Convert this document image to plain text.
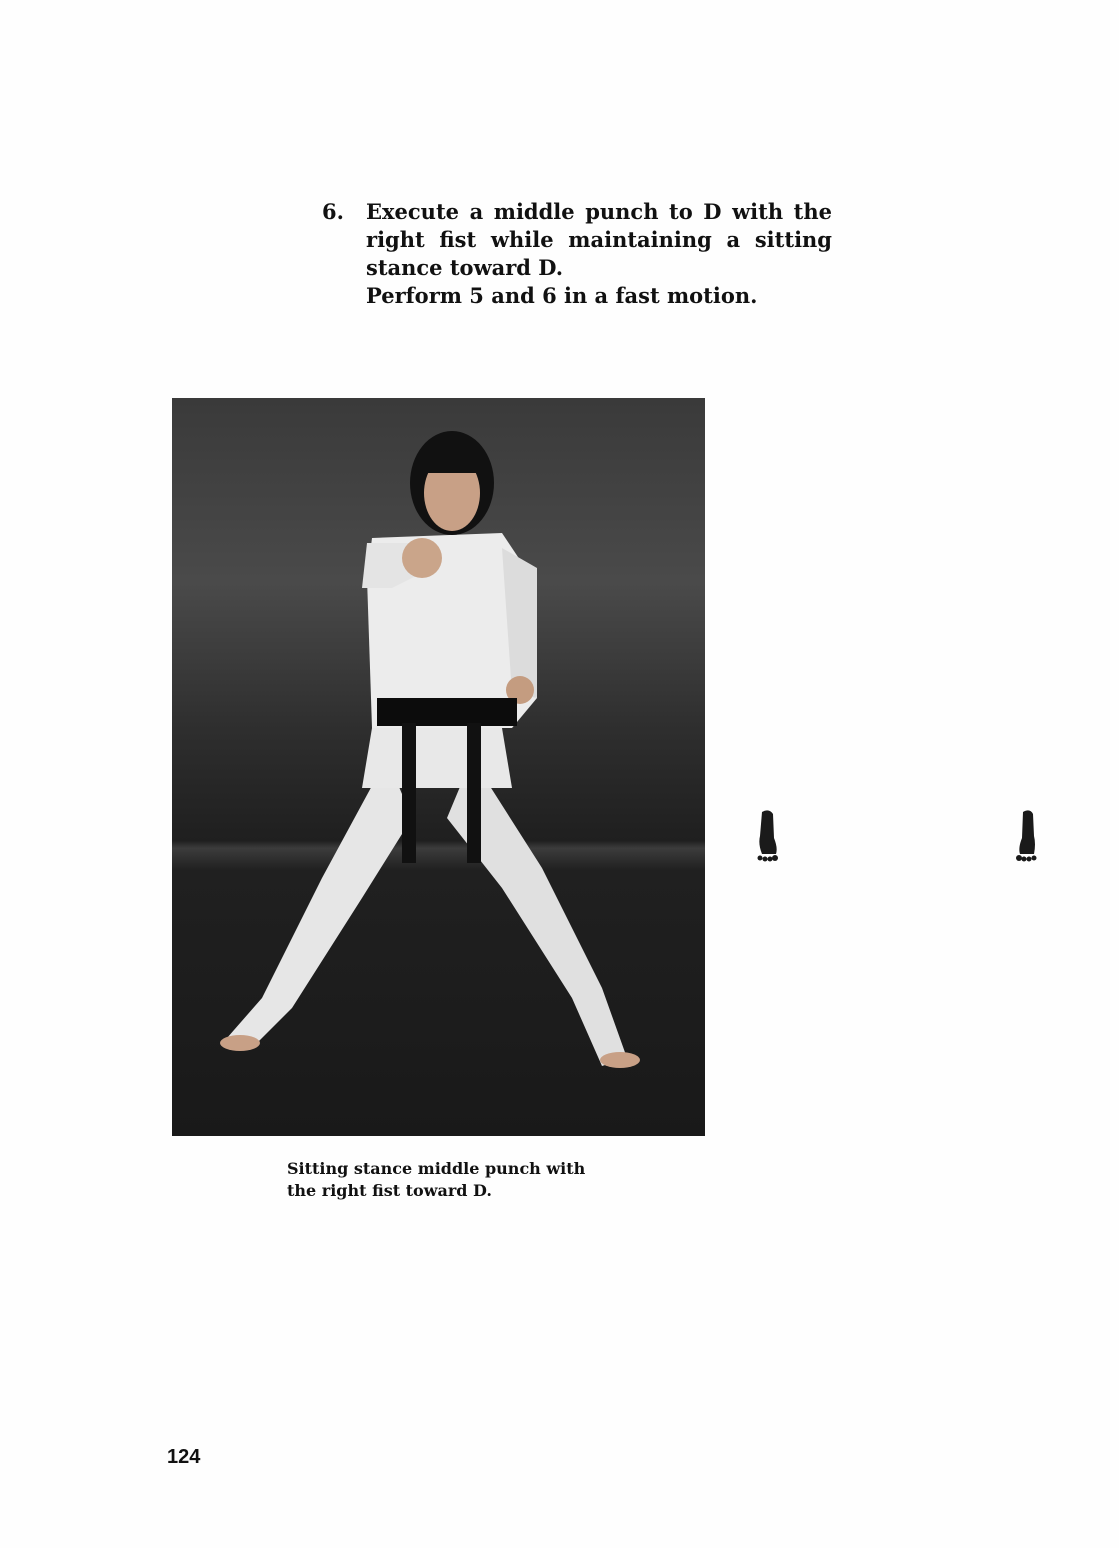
6. Execute a middle punch to D with the right fist while maintaining a sitting stance toward D.
Perform 5 and 6 in a fast motion.
Sitting stance middle punch with the right fist toward D.
124
